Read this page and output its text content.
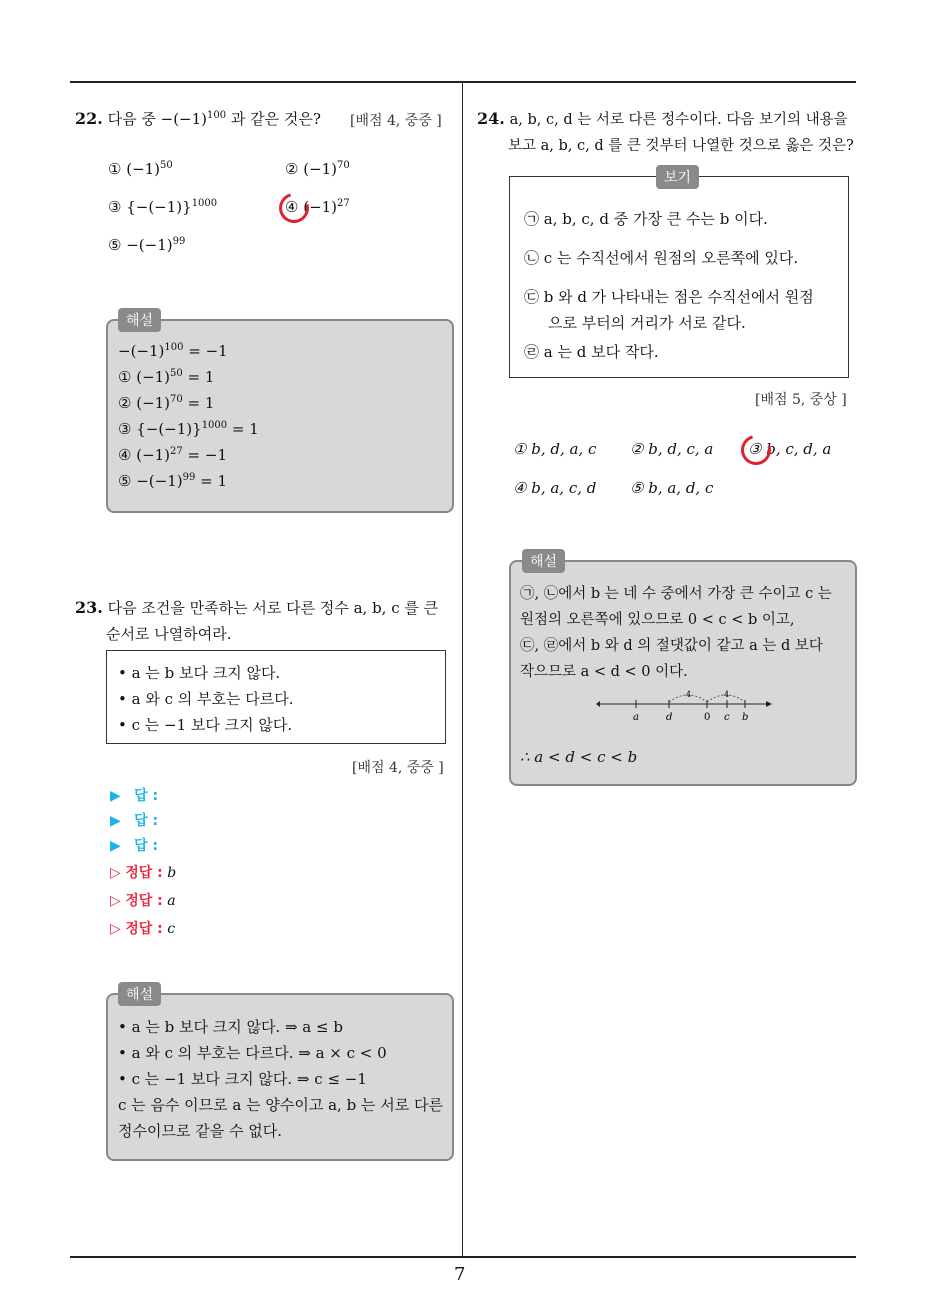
7
22. 다음 중 $-(-1)^{100}$ 과 같은 것은? [배점 4, 중중 ]
① $(-1)^{50}$	② $(-1)^{70}$
③ $\{-(-1)\}^{1000}$	④ $(-1)^{27}$
⑤ $-(-1)^{99}$
해설
$-(-1)^{100} = -1$
① $(-1)^{50} = 1$
② $(-1)^{70} = 1$
③ $\{-(-1)\}^{1000} = 1$
④ $(-1)^{27} = -1$
⑤ $-(-1)^{99} = 1$
23. 다음 조건을 만족하는 서로 다른 정수 a, b, c 를 큰
순서로 나열하여라.
• a 는 b 보다 크지 않다.
• a 와 c 의 부호는 다르다.
• c 는 −1 보다 크지 않다.
[배점 4, 중중 ]
▶ 답 :
▶ 답 :
▶ 답 :
▷ 정답 : b
▷ 정답 : a
▷ 정답 : c
해설
• a 는 b 보다 크지 않다. ⇒ a ≤ b
• a 와 c 의 부호는 다르다. ⇒ a × c < 0
• c 는 −1 보다 크지 않다. ⇒ c ≤ −1
c 는 음수 이므로 a 는 양수이고 a, b 는 서로 다른
정수이므로 같을 수 없다.
24. a, b, c, d 는 서로 다른 정수이다. 다음 보기의 내용을
보고 a, b, c, d 를 큰 것부터 나열한 것으로 옳은 것은?
보기
㉠ a, b, c, d 중 가장 큰 수는 b 이다.
㉡ c 는 수직선에서 원점의 오른쪽에 있다.
㉢ b 와 d 가 나타내는 점은 수직선에서 원점
으로 부터의 거리가 서로 같다.
㉣ a 는 d 보다 작다.
[배점 5, 중상 ]
① b, d, a, c ② b, d, c, a ③ b, c, d, a
④ b, a, c, d ⑤ b, a, d, c
해설
㉠, ㉡에서 b 는 네 수 중에서 가장 큰 수이고 c 는
원점의 오른쪽에 있으므로 0 < c < b 이고,
㉢, ㉣에서 b 와 d 의 절댓값이 같고 a 는 d 보다
작으므로 a < d < 0 이다.
a	d	0 c b
4	4
∴ a < d < c < b
